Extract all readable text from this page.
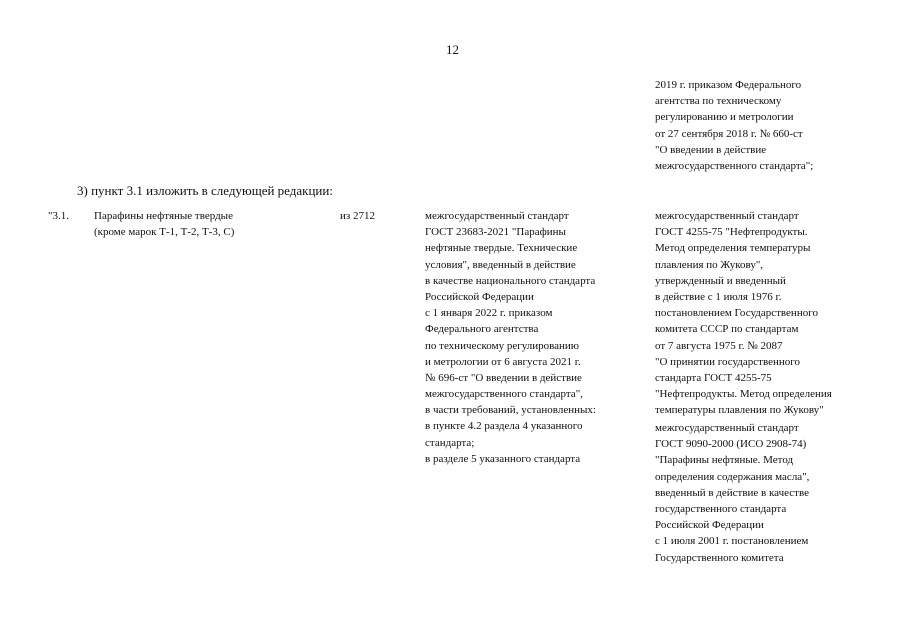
12
2019 г. приказом Федерального
агентства по техническому
регулированию и метрологии
от 27 сентября 2018 г. № 660-ст
"О введении в действие
межгосударственного стандарта";
3) пункт 3.1 изложить в следующей редакции:
"3.1. Парафины нефтяные твердые
(кроме марок Т-1, Т-2, Т-3, С)
из 2712	межгосударственный стандарт
ГОСТ 23683-2021 "Парафины
нефтяные твердые. Технические
условия", введенный в действие
в качестве национального стандарта
Российской Федерации
с 1 января 2022 г. приказом
Федерального агентства
по техническому регулированию
и метрологии от 6 августа 2021 г.
№ 696-ст "О введении в действие
межгосударственного стандарта",
в части требований, установленных:
в пункте 4.2 раздела 4 указанного
стандарта;
в разделе 5 указанного стандарта
межгосударственный стандарт
ГОСТ 4255-75 "Нефтепродукты.
Метод определения температуры
плавления по Жукову",
утвержденный и введенный
в действие с 1 июля 1976 г.
постановлением Государственного
комитета СССР по стандартам
от 7 августа 1975 г. № 2087
"О принятии государственного
стандарта ГОСТ 4255-75
"Нефтепродукты. Метод определения
температуры плавления по Жукову"
межгосударственный стандарт
ГОСТ 9090-2000 (ИСО 2908-74)
"Парафины нефтяные. Метод
определения содержания масла",
введенный в действие в качестве
государственного стандарта
Российской Федерации
с 1 июля 2001 г. постановлением
Государственного комитета
